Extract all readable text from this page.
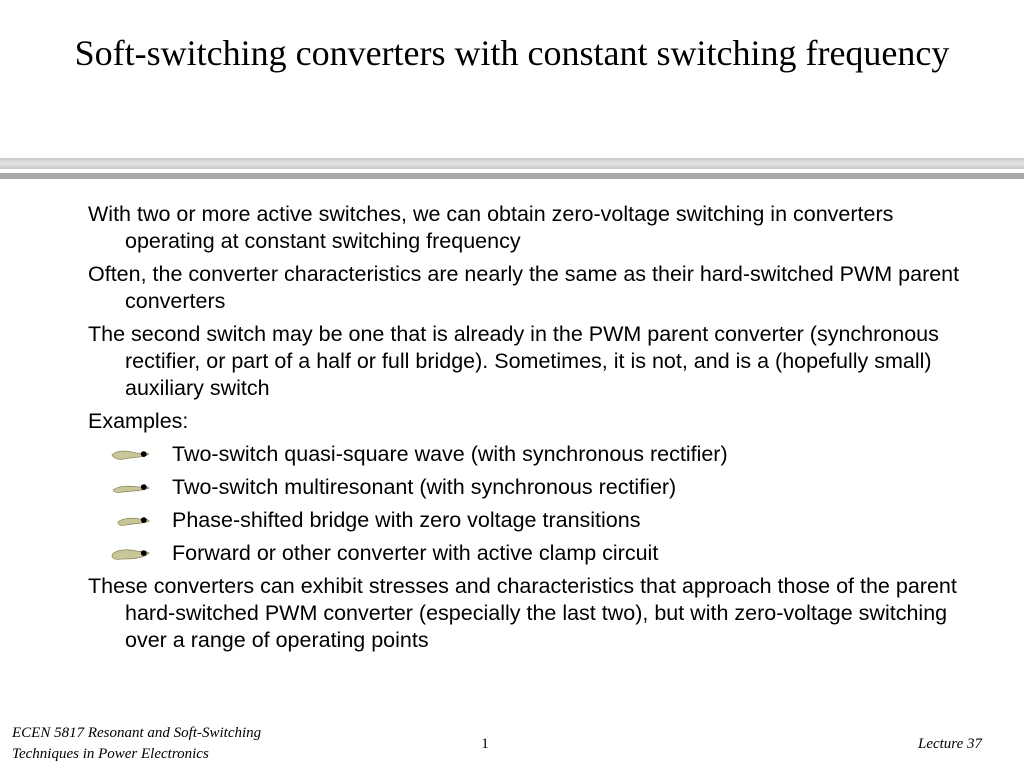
Soft-switching converters with constant switching frequency

With two or more active switches, we can obtain zero-voltage switching in converters operating at constant switching frequency

Often, the converter characteristics are nearly the same as their hard-switched PWM parent converters

The second switch may be one that is already in the PWM parent converter (synchronous rectifier, or part of a half or full bridge). Sometimes, it is not, and is a (hopefully small) auxiliary switch

Examples:

• Two-switch quasi-square wave (with synchronous rectifier)
• Two-switch multiresonant (with synchronous rectifier)
• Phase-shifted bridge with zero voltage transitions
• Forward or other converter with active clamp circuit

These converters can exhibit stresses and characteristics that approach those of the parent hard-switched PWM converter (especially the last two), but with zero-voltage switching over a range of operating points

ECEN 5817 Resonant and Soft-Switching
Techniques in Power Electronics
1	Lecture 37
